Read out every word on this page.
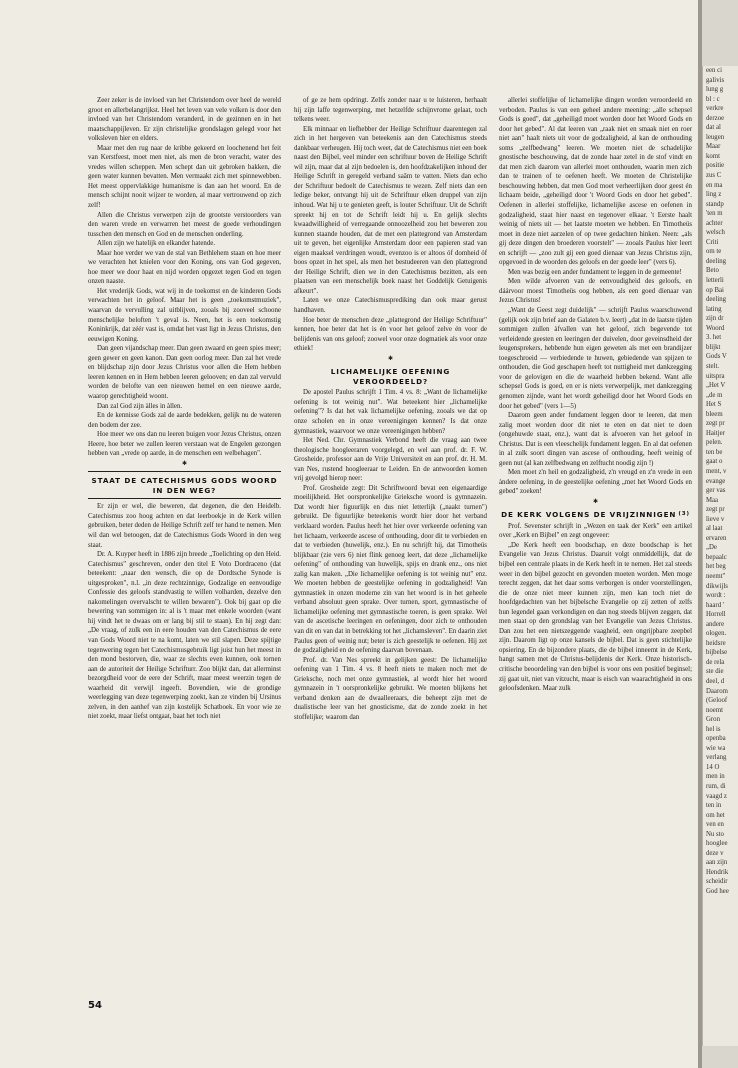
Zeer zeker is de invloed van het Christendom over heel de wereld groot en allerbelangrijkst. Heel het leven van vele volken is door den invloed van het Christendom veranderd, in de gezinnen en in het maatschappijleven. Er zijn christelijke grondslagen gelegd voor het volksleven hier en elders.

Maar met den rug naar de kribbe gekeerd en loochenend het feit van Kerstfeest, moet men niet, als men de bron veracht, water des vredes willen scheppen. Men schept dan uit gebroken bakken, die geen water kunnen bevatten. Men vermaakt zich met spinnewebben. Het meest oppervlakkige humanisme is dan aan het woord. En de mensch schijnt nooit wijzer te worden, al maar vertrouwend op zich zelf!

Allen die Christus verwerpen zijn de grootste verstoorders van den waren vrede en verwarren het meest de goede verhoudingen tusschen den mensch en God en de menschen onderling.

Allen zijn we hatelijk en elkander hatende.

Maar hoe verder we van de stal van Bethlehem staan en hoe meer we verachten het knielen voor den Koning, ons van God gegeven, hoe meer we door haat en nijd worden opgezet tegen God en tegen onzen naaste.

Het vrederijk Gods, wat wij in de toekomst en de kinderen Gods verwachten het in geloof. Maar het is geen „toekomstmuziek", waarvan de vervulling zal uitblijven, zooals bij zooveel schoone menschelijke beloften 't geval is. Neen, het is een toekomstig Koninkrijk, dat zéér vast is, omdat het vast ligt in Jezus Christus, den eeuwigen Koning.

Dan geen vijandschap meer. Dan geen zwaard en geen spies meer; geen gewer en geen kanon. Dan geen oorlog meer. Dan zal het vrede en blijdschap zijn door Jezus Christus voor allen die Hem hebben leeren kennen en in Hem hebben leeren gelooven; en dan zal vervuld worden de belofte van een nieuwen hemel en een nieuwe aarde, waarop gerechtigheid woont.

Dan zal God zijn àlles in àllen.

En de kennisse Gods zal de aarde bedekken, gelijk nu de wateren den bodem der zee.

Hoe meer we ons dan nu leeren buigen voor Jezus Christus, onzen Heere, hoe beter we zullen leeren verstaan wat de Engelen gezongen hebben van „vrede op aarde, in de menschen een welbehagen".

✱
STAAT DE CATECHISMUS GODS WOORD IN DEN WEG?

Er zijn er wel, die beweren, dat degenen, die den Heidelb. Catechismus zoo hoog achten en dat leerboekje in de Kerk willen gebruiken, beter deden de Heilige Schrift zelf ter hand te nemen. Men wil dan wel betoogen, dat de Catechismus Gods Woord in den weg staat.

Dr. A. Kuyper heeft in 1886 zijn breede „Toelichting op den Heid. Catechismus" geschreven, onder den titel E Voto Dordraceno (dat beteekent: „naar den wensch, die op de Dordtsche Synode is uitgesproken", n.l. „in deze rechtzinnige, Godzalige en eenvoudige Confessie des geloofs standvastig te willen volharden, dezelve den nakomelingen overvalscht te willen bewaren"). Ook bij gaat op die bewering van sommigen in: al is 't maar met enkele woorden (want hij vindt het te dwaas om er lang bij stil te staan). En hij zegt dan: „De vraag, of zulk een in eere houden van den Catechismus de eere van Gods Woord niet te na komt, laten we stil slapen. Deze spijtige tegenwering tegen het Catechismusgebruik ligt juist hun het meest in den mond bestorven, die, waar ze slechts even kunnen, ook tornen aan de autoriteit der Heilige Schrifturr. Zoo blijkt dan, dat allerminst bezorgdheid voor de eere der Schrift, maar meest weerzin tegen de waarheid dit verwijl ingeeft. Bovendien, wie de grondige weerlegging van deze tegenwerping zoekt, kan ze vinden bij Ursinus zelven, in den aanhef van zijn kostelijk Schatboek. En voor wie ze niet zoekt, maar liefst ontgaat, baat het toch niet

of ge ze hem opdringt. Zelfs zonder naar u te luisteren, herhaalt hij zijn laffe tegenwerping, met hetzelfde schijnvrome gelaat, toch telkens weer.

Elk minnaar en liefhebber der Heilige Schriftuur daarentegen zal zich in het hergeven van beteekenis aan den Catechismus steeds dankbaar verheugen. Hij toch weet, dat de Catechismus niet een boek naast den Bijbel, veel minder een schriftuur boven de Heilige Schrift wil zijn, maar dat al zijn bedoelen is, den hoofdzakelijken inhoud der Heilige Schrift in geregeld verband saâm te vatten. Niets dan echo der Schriftuur bedoelt de Catechismus te wezen. Zelf niets dan een ledige beker, ontvangt hij uit de Schriftuur elken druppel van zijn inhoud. Wat hij u te genieten geeft, is louter Schriftuur. Uit de Schrift spreekt hij en tot de Schrift leidt hij u. En gelijk slechts kwaadwilligheid of verregaande onnoozelheid zou het beweren zou kunnen staande houden, dat de met een plattegrond van Amsterdam uit te geven, het eigenlijke Amsterdam door een papieren stad van eigen maaksel verdringen woudt, evenzoo is er altoos óf domheid óf boos opzet in het spel, als men het bestudeeren van den plattegrond der Heilige Schrift, dien we in den Catechismus bezitten, als een plaatsen van een menschelijk boek naast het Goddelijk Getuigenis afkeurt".

Laten we onze Catechismusprediking dan ook maar gerust handhaven.

Hoe beter de menschen deze „plattegrond der Heilige Schriftuur" kennen, hoe beter dat het is én voor het geloof zelve én voor de belijdenis van ons geloof; zoowel voor onze dogmatiek als voor onze ethiek!

✱
LICHAMELIJKE OEFENING VEROORDEELD?

De apostel Paulus schrijft 1 Tim. 4 vs. 8: „Want de lichamelijke oefening is tot weinig nut". Wat beteekent hier „lichamelijke oefening"? Is dat het vak lichamelijke oefening, zooals we dat op onze scholen en in onze vereenigingen kennen? Is dat onze gymnastiek, waarvoor we onze vereenigingen hebben?

Het Ned. Chr. Gymnastiek Verbond heeft die vraag aan twee theologische hoogleeraren voorgelegd, en wel aan prof. dr. F. W. Grosheide, professor aan de Vrije Universiteit en aan prof. dr. H. M. van Nes, rustend hoogleeraar te Leiden. En de antwoorden komen vrij gevolgd hierop neer:

Prof. Grosheide zegt: Dit Schriftwoord bevat een eigenaardige moeilijkheid. Het oorspronkelijke Grieksche woord is gymnazein. Dat wordt hier figuurlijk en dus niet letterlijk („naakt turnen") gebruikt. De figuurlijke beteekenis wordt hier door het verband verklaard worden. Paulus heeft het hier over verkeerde oefening van het lichaam, verkeerde ascese of onthouding, door dit te verbieden en dat te verbieden (huwelijk, enz.). En nu schrijft hij, dat Timotheüs blijkbaar (zie vers 6) niet flink genoeg leert, dat deze „lichamelijke oefening" of onthouding van huwelijk, spijs en drank enz., ons niet zalig kan maken. „Die lichamelijke oefening is tot weinig nut" enz. We moeten hebben de geestelijke oefening in godzaligheid! Van gymnastiek in onzen moderne zin van het woord is in het geheele verband absoluut geen sprake. Over turnen, sport, gymnastische of lichamelijke oefening met gymnastische toeren, is geen sprake. Wel van de ascetische leeringen en oefeningen, door zich te onthouden van dit en van dat in betrekking tot het „lichamsleven". En daarin ziet Paulus geen of weinig nut; beter is zich geestelijk te oefenen. Hij zet de godzaligheid en de oefening daarvan bovenaan.

Prof. dr. Van Nes spreekt in gelijken geest: De lichamelijke oefening van 1 Tim. 4 vs. 8 heeft niets te maken noch met de Grieksche, noch met onze gymnastiek, al wordt hier het woord gymnazein in 't oorspronkelijke gebruikt. We moeten blijkens het verband denken aan de dwaalleeraars, die beheept zijn met de dualistische leer van het gnosticisme, dat de zonde zoekt in het stoffelijke; waarom dan

allerlei stoffelijke of lichamelijke dingen worden veroordeeld en verboden. Paulus is van een geheel andere meening: „alle schepsel Gods is goed", dat „geheiligd moet worden door het Woord Gods en door het gebed". Al dat leeren van „raak niet en smaak niet en roer niet aan" haalt niets uit voor de godzaligheid, al kan de onthouding soms „zelfbedwang" leeren. We moeten niet de schadelijke gnostische beschouwing, dat de zonde haar zetel in de stof vindt en dat men zich daarom van allerlei moet onthouden, waarin men zich dan te trainen of te oefenen heeft. We moeten de Christelijke beschouwing hebben, dat men God moet verheerlijken door geest én lichaam beide, „geheiligd door 't Woord Gods en door het gebed". Oefenen in allerlei stoffelijke, lichamelijke ascese en oefenen in godzaligheid, staat hier naast en tegenover elkaar. 't Eerste haalt weinig of niets uit — het laatste moeten we hebben. En Timotheüs moet in deze niet aarzelen of op twee gedachten hinken. Neen: „als gij deze dingen den broederen voorstelt" — zooals Paulus hier leert en schrijft — „zoo zult gij een goed dienaar van Jezus Christus zijn, opgevoed in de woorden des geloofs en der goede leer" (vers 6).

Men was bezig een ander fundament te leggen in de gemeente!

Men wilde afvoeren van de eenvoudigheid des geloofs, en dáárvoor moest Timotheüs oog hebben, als een goed dienaar van Jezus Christus!

„Want de Geest zegt duidelijk" — schrijft Paulus waarschuwend (gelijk ook zijn brief aan de Galaten b.v. leert) „dat in de laatste tijden sommigen zullen àfvallen van het geloof, zich begevende tot verleidende geesten en leeringen der duivelen, door geveinsdheid der leugensprekers, hebbende hun eigen geweten als met een brandijzer toegeschroeid — verbiedende te huwen, gebiedende van spijzen te onthouden, die God geschapen heeft tot nuttigheid met dankzegging voor de gelovigen en die de waarheid hebben bekend. Want alle schepsel Gods is goed, en er is niets verwerpelijk, met dankzegging genomen zijnde, want het wordt geheiligd door het Woord Gods en door het gebed" (vers 1—5)

Daarom geen ander fundament leggen door te leeren, dat men zalig moet worden door dit niet te eten en dat niet te doen (ongehuwde staat, enz.), want dat is afvoeren van het geloof in Christus. Dat is een vleeschelijk fundament leggen. En al dat oefenen in al zulk soort dingen van ascese of onthouding, heeft weinig of geen nut (al kan zelfbedwang en zelftucht noodig zijn !)

Men moet z'n heil en godzaligheid, z'n vreugd en z'n vrede in een àndere oefening, in de geestelijke oefening „met het Woord Gods en gebed" zoeken!

✱
DE KERK VOLGENS DE VRIJZINNIGEN $^{(3)}$

Prof. Sevenster schrijft in „Wezen en taak der Kerk" een artikel over „Kerk en Bijbel" en zegt ongeveer:

„De Kerk heeft een boodschap, en deze boodschap is het Evangelie van Jezus Christus. Daaruit volgt onmiddellijk, dat de bijbel een centrale plaats in de Kerk heeft in te nemen. Het zal steeds weer in den bijbel gezocht en gevonden moeten worden. Men moge terecht zeggen, dat het daar soms verborgen is onder voorstellingen, die de onze niet meer kunnen zijn, men kan toch niet de hoofdgedachten van het bijbelsche Evangelie op zij zetten of zelfs hun legendel gaan verkondigen en dan nog steeds blijven zeggen, dat men staat op den grondslag van het Evangelie van Jezus Christus. Dan zou het een nietszeggende vaagheid, een ongrijpbare zeepbel zijn. Daarom ligt op onze kansels de bijbel. Dat is geen stichtelijke opsiering. En de bijzondere plaats, die de bijbel inneemt in de Kerk, hangt samen met de Christus-belijdenis der Kerk. Onze historisch-critische beoordeling van den bijbel is voor ons een positief beginsel; zij gaat uit, niet van vitzucht, maar is eisch van waarachtigheid in ons geloofsdenken. Maar zulk

54
een ci
galivis
lung g
bl : c
verkre
derzoe
dat al
leugen
Maar
komt
positie
zus C
en ma
ling z
standp
'ten m
achter
welsch
Criti
om te
deeling
Beto
letterli
op Bai
deeling
lating
zijn dr
Woord
3. het
blijkt
Gods V
stelt.
uitspra
„Het V
„de m
Het S
bleem
zegt pr
Haitjer
pelen.
ten be
gaat o
ment, v
evange
ger vas
Maa
zegt pr
lieve v
al laat
ervaren
„De
bepaalc
het beg
neemt"
dikwijls
wordt :
haard '
Horrell
andere
ologen.
heidsre
bijbelse
de rela
ste die
deel, d
Daarom
(Geloof
noemt
Gron
hel is
openba
wie wa
verlang
14 O
men in
rum, di
vaagd z
ten in
om het
ven en
Nu sto
hooglee
deze v
aan zijn
Hendrik
scheidir
God hee
